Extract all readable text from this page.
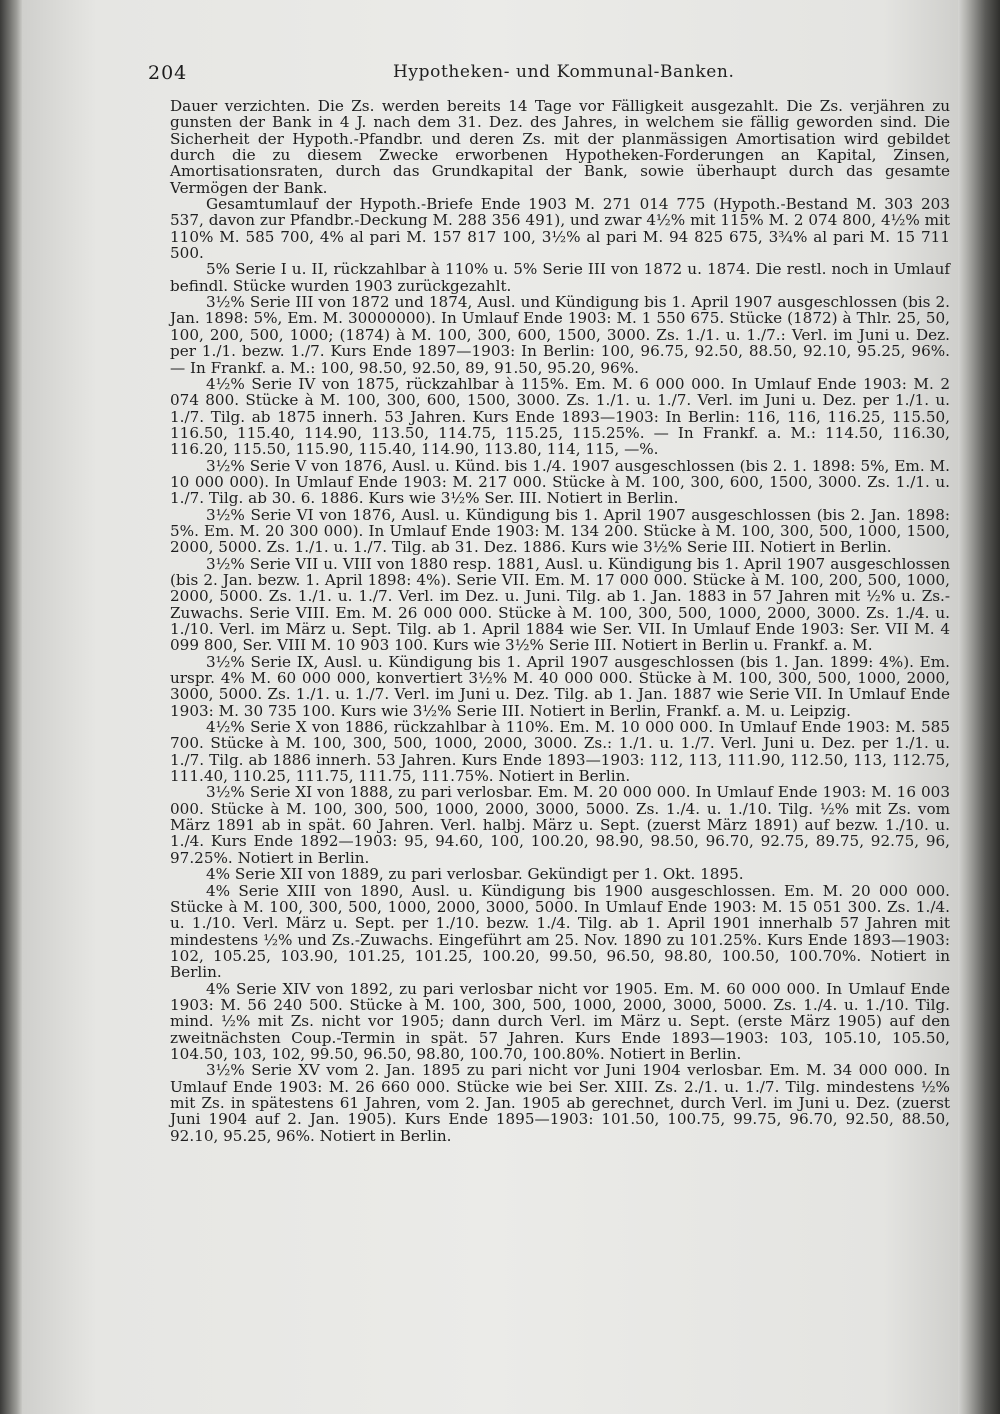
204	Hypotheken- und Kommunal-Banken.

Dauer verzichten. Die Zs. werden bereits 14 Tage vor Fälligkeit ausgezahlt. Die Zs. verjähren zu gunsten der Bank in 4 J. nach dem 31. Dez. des Jahres, in welchem sie fällig geworden sind. Die Sicherheit der Hypoth.-Pfandbr. und deren Zs. mit der planmässigen Amortisation wird gebildet durch die zu diesem Zwecke erworbenen Hypotheken-Forderungen an Kapital, Zinsen, Amortisationsraten, durch das Grundkapital der Bank, sowie überhaupt durch das gesamte Vermögen der Bank.

Gesamtumlauf der Hypoth.-Briefe Ende 1903 M. 271 014 775 (Hypoth.-Bestand M. 303 203 537, davon zur Pfandbr.-Deckung M. 288 356 491), und zwar 4½% mit 115% M. 2 074 800, 4½% mit 110% M. 585 700, 4% al pari M. 157 817 100, 3½% al pari M. 94 825 675, 3¾% al pari M. 15 711 500.

5% Serie I u. II, rückzahlbar à 110% u. 5% Serie III von 1872 u. 1874. Die restl. noch in Umlauf befindl. Stücke wurden 1903 zurückgezahlt.

3½% Serie III von 1872 und 1874, Ausl. und Kündigung bis 1. April 1907 ausgeschlossen (bis 2. Jan. 1898: 5%, Em. M. 30000000). In Umlauf Ende 1903: M. 1 550 675. Stücke (1872) à Thlr. 25, 50, 100, 200, 500, 1000; (1874) à M. 100, 300, 600, 1500, 3000. Zs. 1./1. u. 1./7.: Verl. im Juni u. Dez. per 1./1. bezw. 1./7. Kurs Ende 1897—1903: In Berlin: 100, 96.75, 92.50, 88.50, 92.10, 95.25, 96%. — In Frankf. a. M.: 100, 98.50, 92.50, 89, 91.50, 95.20, 96%.

4½% Serie IV von 1875, rückzahlbar à 115%. Em. M. 6 000 000. In Umlauf Ende 1903: M. 2 074 800. Stücke à M. 100, 300, 600, 1500, 3000. Zs. 1./1. u. 1./7. Verl. im Juni u. Dez. per 1./1. u. 1./7. Tilg. ab 1875 innerh. 53 Jahren. Kurs Ende 1893—1903: In Berlin: 116, 116, 116.25, 115.50, 116.50, 115.40, 114.90, 113.50, 114.75, 115.25, 115.25%. — In Frankf. a. M.: 114.50, 116.30, 116.20, 115.50, 115.90, 115.40, 114.90, 113.80, 114, 115, —%.

3½% Serie V von 1876, Ausl. u. Künd. bis 1./4. 1907 ausgeschlossen (bis 2. 1. 1898: 5%, Em. M. 10 000 000). In Umlauf Ende 1903: M. 217 000. Stücke à M. 100, 300, 600, 1500, 3000. Zs. 1./1. u. 1./7. Tilg. ab 30. 6. 1886. Kurs wie 3½% Ser. III. Notiert in Berlin.

3½% Serie VI von 1876, Ausl. u. Kündigung bis 1. April 1907 ausgeschlossen (bis 2. Jan. 1898: 5%. Em. M. 20 300 000). In Umlauf Ende 1903: M. 134 200. Stücke à M. 100, 300, 500, 1000, 1500, 2000, 5000. Zs. 1./1. u. 1./7. Tilg. ab 31. Dez. 1886. Kurs wie 3½% Serie III. Notiert in Berlin.

3½% Serie VII u. VIII von 1880 resp. 1881, Ausl. u. Kündigung bis 1. April 1907 ausgeschlossen (bis 2. Jan. bezw. 1. April 1898: 4%). Serie VII. Em. M. 17 000 000. Stücke à M. 100, 200, 500, 1000, 2000, 5000. Zs. 1./1. u. 1./7. Verl. im Dez. u. Juni. Tilg. ab 1. Jan. 1883 in 57 Jahren mit ½% u. Zs.-Zuwachs. Serie VIII. Em. M. 26 000 000. Stücke à M. 100, 300, 500, 1000, 2000, 3000. Zs. 1./4. u. 1./10. Verl. im März u. Sept. Tilg. ab 1. April 1884 wie Ser. VII. In Umlauf Ende 1903: Ser. VII M. 4 099 800, Ser. VIII M. 10 903 100. Kurs wie 3½% Serie III. Notiert in Berlin u. Frankf. a. M.

3½% Serie IX, Ausl. u. Kündigung bis 1. April 1907 ausgeschlossen (bis 1. Jan. 1899: 4%). Em. urspr. 4% M. 60 000 000, konvertiert 3½% M. 40 000 000. Stücke à M. 100, 300, 500, 1000, 2000, 3000, 5000. Zs. 1./1. u. 1./7. Verl. im Juni u. Dez. Tilg. ab 1. Jan. 1887 wie Serie VII. In Umlauf Ende 1903: M. 30 735 100. Kurs wie 3½% Serie III. Notiert in Berlin, Frankf. a. M. u. Leipzig.

4½% Serie X von 1886, rückzahlbar à 110%. Em. M. 10 000 000. In Umlauf Ende 1903: M. 585 700. Stücke à M. 100, 300, 500, 1000, 2000, 3000. Zs.: 1./1. u. 1./7. Verl. Juni u. Dez. per 1./1. u. 1./7. Tilg. ab 1886 innerh. 53 Jahren. Kurs Ende 1893—1903: 112, 113, 111.90, 112.50, 113, 112.75, 111.40, 110.25, 111.75, 111.75, 111.75%. Notiert in Berlin.

3½% Serie XI von 1888, zu pari verlosbar. Em. M. 20 000 000. In Umlauf Ende 1903: M. 16 003 000. Stücke à M. 100, 300, 500, 1000, 2000, 3000, 5000. Zs. 1./4. u. 1./10. Tilg. ½% mit Zs. vom März 1891 ab in spät. 60 Jahren. Verl. halbj. März u. Sept. (zuerst März 1891) auf bezw. 1./10. u. 1./4. Kurs Ende 1892—1903: 95, 94.60, 100, 100.20, 98.90, 98.50, 96.70, 92.75, 89.75, 92.75, 96, 97.25%. Notiert in Berlin.

4% Serie XII von 1889, zu pari verlosbar. Gekündigt per 1. Okt. 1895.

4% Serie XIII von 1890, Ausl. u. Kündigung bis 1900 ausgeschlossen. Em. M. 20 000 000. Stücke à M. 100, 300, 500, 1000, 2000, 3000, 5000. In Umlauf Ende 1903: M. 15 051 300. Zs. 1./4. u. 1./10. Verl. März u. Sept. per 1./10. bezw. 1./4. Tilg. ab 1. April 1901 innerhalb 57 Jahren mit mindestens ½% und Zs.-Zuwachs. Eingeführt am 25. Nov. 1890 zu 101.25%. Kurs Ende 1893—1903: 102, 105.25, 103.90, 101.25, 101.25, 100.20, 99.50, 96.50, 98.80, 100.50, 100.70%. Notiert in Berlin.

4% Serie XIV von 1892, zu pari verlosbar nicht vor 1905. Em. M. 60 000 000. In Umlauf Ende 1903: M. 56 240 500. Stücke à M. 100, 300, 500, 1000, 2000, 3000, 5000. Zs. 1./4. u. 1./10. Tilg. mind. ½% mit Zs. nicht vor 1905; dann durch Verl. im März u. Sept. (erste März 1905) auf den zweitnächsten Coup.-Termin in spät. 57 Jahren. Kurs Ende 1893—1903: 103, 105.10, 105.50, 104.50, 103, 102, 99.50, 96.50, 98.80, 100.70, 100.80%. Notiert in Berlin.

3½% Serie XV vom 2. Jan. 1895 zu pari nicht vor Juni 1904 verlosbar. Em. M. 34 000 000. In Umlauf Ende 1903: M. 26 660 000. Stücke wie bei Ser. XIII. Zs. 2./1. u. 1./7. Tilg. mindestens ½% mit Zs. in spätestens 61 Jahren, vom 2. Jan. 1905 ab gerechnet, durch Verl. im Juni u. Dez. (zuerst Juni 1904 auf 2. Jan. 1905). Kurs Ende 1895—1903: 101.50, 100.75, 99.75, 96.70, 92.50, 88.50, 92.10, 95.25, 96%. Notiert in Berlin.
